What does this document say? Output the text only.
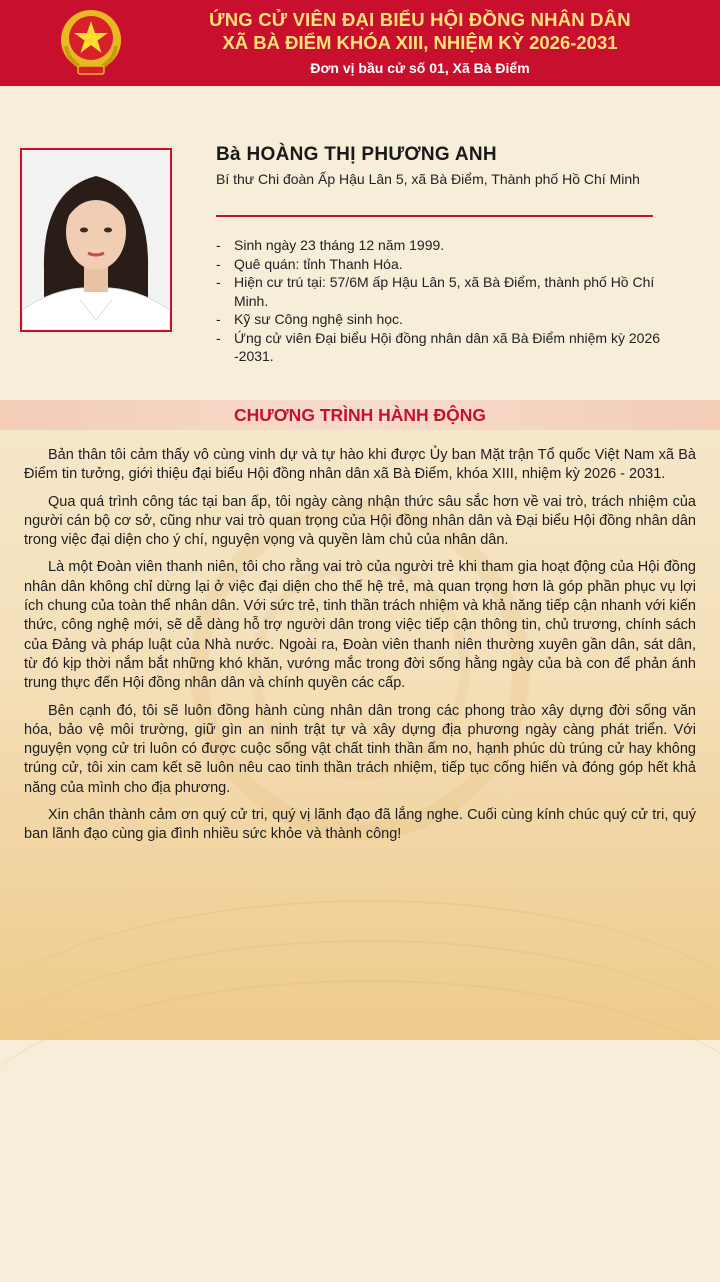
ỨNG CỬ VIÊN ĐẠI BIỂU HỘI ĐỒNG NHÂN DÂN
XÃ BÀ ĐIỂM KHÓA XIII, NHIỆM KỲ 2026-2031
Đơn vị bầu cử số 01, Xã Bà Điểm
Bà HOÀNG THỊ PHƯƠNG ANH
Bí thư Chi đoàn Ấp Hậu Lân 5, xã Bà Điểm, Thành phố Hồ Chí Minh
- Sinh ngày 23 tháng 12 năm 1999.
- Quê quán: tỉnh Thanh Hóa.
- Hiện cư trú tại: 57/6M ấp Hậu Lân 5, xã Bà Điểm, thành phố Hồ Chí Minh.
- Kỹ sư Công nghệ sinh học.
- Ứng cử viên Đại biểu Hội đồng nhân dân xã Bà Điểm nhiệm kỳ 2026 -2031.
CHƯƠNG TRÌNH HÀNH ĐỘNG

Bản thân tôi cảm thấy vô cùng vinh dự và tự hào khi được Ủy ban Mặt trận Tổ quốc Việt Nam xã Bà Điểm tin tưởng, giới thiệu đại biểu Hội đồng nhân dân xã Bà Điểm, khóa XIII, nhiệm kỳ 2026 - 2031.

Qua quá trình công tác tại ban ấp, tôi ngày càng nhận thức sâu sắc hơn về vai trò, trách nhiệm của người cán bộ cơ sở, cũng như vai trò quan trọng của Hội đồng nhân dân và Đại biểu Hội đồng nhân dân trong việc đại diện cho ý chí, nguyện vọng và quyền làm chủ của nhân dân.

Là một Đoàn viên thanh niên, tôi cho rằng vai trò của người trẻ khi tham gia hoạt động của Hội đồng nhân dân không chỉ dừng lại ở việc đại diện cho thế hệ trẻ, mà quan trọng hơn là góp phần phục vụ lợi ích chung của toàn thể nhân dân. Với sức trẻ, tinh thần trách nhiệm và khả năng tiếp cận nhanh với kiến thức, công nghệ mới, sẽ dễ dàng hỗ trợ người dân trong việc tiếp cận thông tin, chủ trương, chính sách của Đảng và pháp luật của Nhà nước. Ngoài ra, Đoàn viên thanh niên thường xuyên gần dân, sát dân, từ đó kịp thời nắm bắt những khó khăn, vướng mắc trong đời sống hằng ngày của bà con để phản ánh trung thực đến Hội đồng nhân dân và chính quyền các cấp.

Bên cạnh đó, tôi sẽ luôn đồng hành cùng nhân dân trong các phong trào xây dựng đời sống văn hóa, bảo vệ môi trường, giữ gìn an ninh trật tự và xây dựng địa phương ngày càng phát triển. Với nguyện vọng cử tri luôn có được cuộc sống vật chất tinh thần ấm no, hạnh phúc dù trúng cử hay không trúng cử, tôi xin cam kết sẽ luôn nêu cao tinh thần trách nhiệm, tiếp tục cống hiến và đóng góp hết khả năng của mình cho địa phương.

Xin chân thành cảm ơn quý cử tri, quý vị lãnh đạo đã lắng nghe. Cuối cùng kính chúc quý cử tri, quý ban lãnh đạo cùng gia đình nhiều sức khỏe và thành công!
